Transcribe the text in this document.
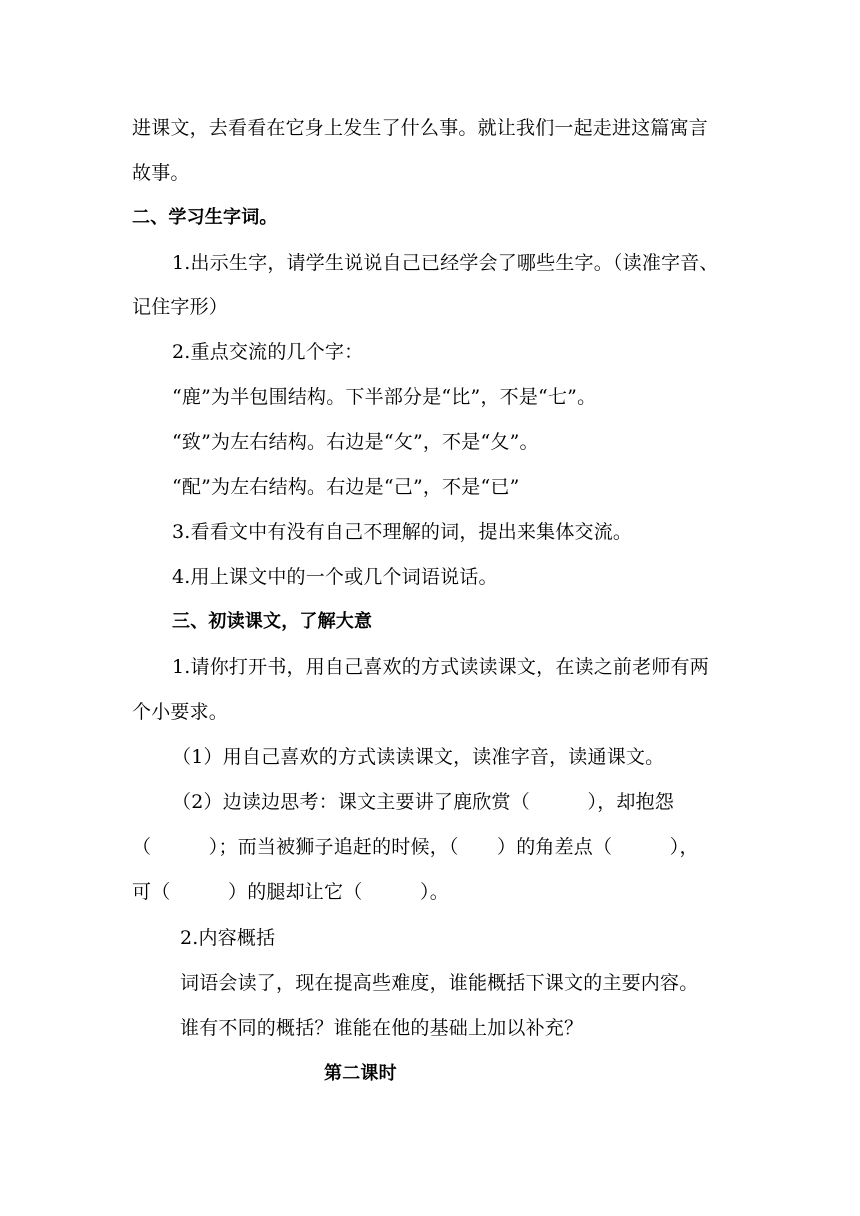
进课文，去看看在它身上发生了什么事。就让我们一起走进这篇寓言
故事。
二、学习生字词。
1.出示生字，请学生说说自己已经学会了哪些生字。（读准字音、
记住字形）
2.重点交流的几个字：
“鹿”为半包围结构。下半部分是“比”，不是“七”。
“致”为左右结构。右边是“攵”，不是“夂”。
“配”为左右结构。右边是“己”，不是“已”
3.看看文中有没有自己不理解的词，提出来集体交流。
4.用上课文中的一个或几个词语说话。
三、初读课文，了解大意
1.请你打开书，用自己喜欢的方式读读课文，在读之前老师有两
个小要求。
（1）用自己喜欢的方式读读课文，读准字音，读通课文。
（2）边读边思考：课文主要讲了鹿欣赏（　　　），却抱怨
（　　　）；而当被狮子追赶的时候，（　　）的角差点（　　　），
可（　　　）的腿却让它（　　　）。
2.内容概括
词语会读了，现在提高些难度，谁能概括下课文的主要内容。
谁有不同的概括？谁能在他的基础上加以补充？
第二课时
